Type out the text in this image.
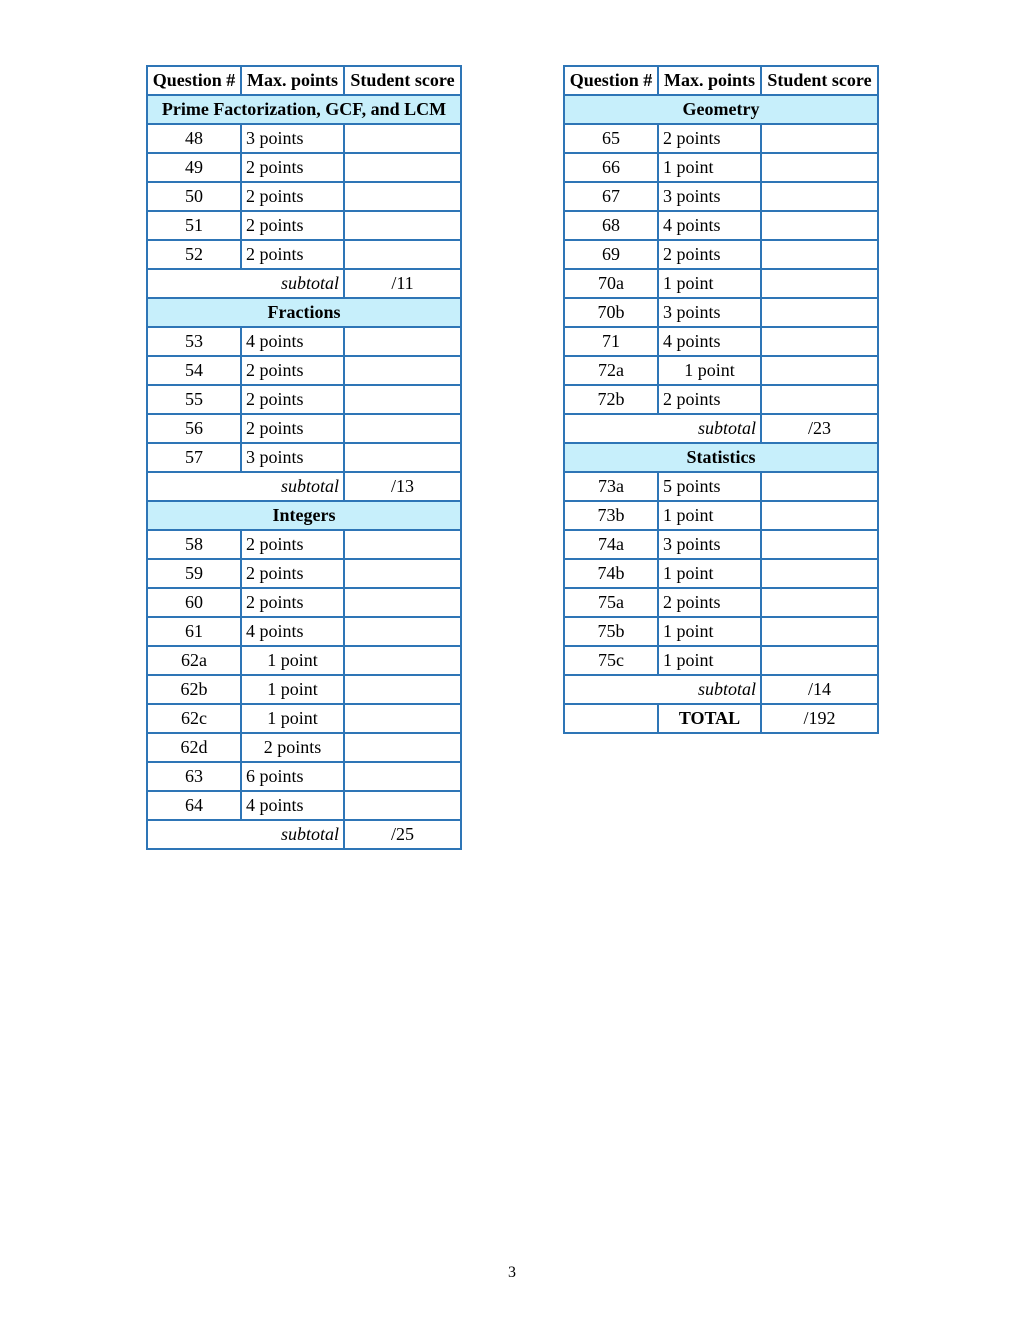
Question #	Max. points	Student score
Prime Factorization, GCF, and LCM		
48	3 points	
49	2 points	
50	2 points	
51	2 points	
52	2 points	
subtotal		/11
Fractions		
53	4 points	
54	2 points	
55	2 points	
56	2 points	
57	3 points	
subtotal		/13
Integers		
58	2 points	
59	2 points	
60	2 points	
61	4 points	
62a	1 point	
62b	1 point	
62c	1 point	
62d	2 points	
63	6 points	
64	4 points	
subtotal		/25
Question #	Max. points	Student score
Geometry		
65	2 points	
66	1 point	
67	3 points	
68	4 points	
69	2 points	
70a	1 point	
70b	3 points	
71	4 points	
72a	1 point	
72b	2 points	
subtotal		/23
Statistics		
73a	5 points	
73b	1 point	
74a	3 points	
74b	1 point	
75a	2 points	
75b	1 point	
75c	1 point	
subtotal		/14
	TOTAL	/192
3
